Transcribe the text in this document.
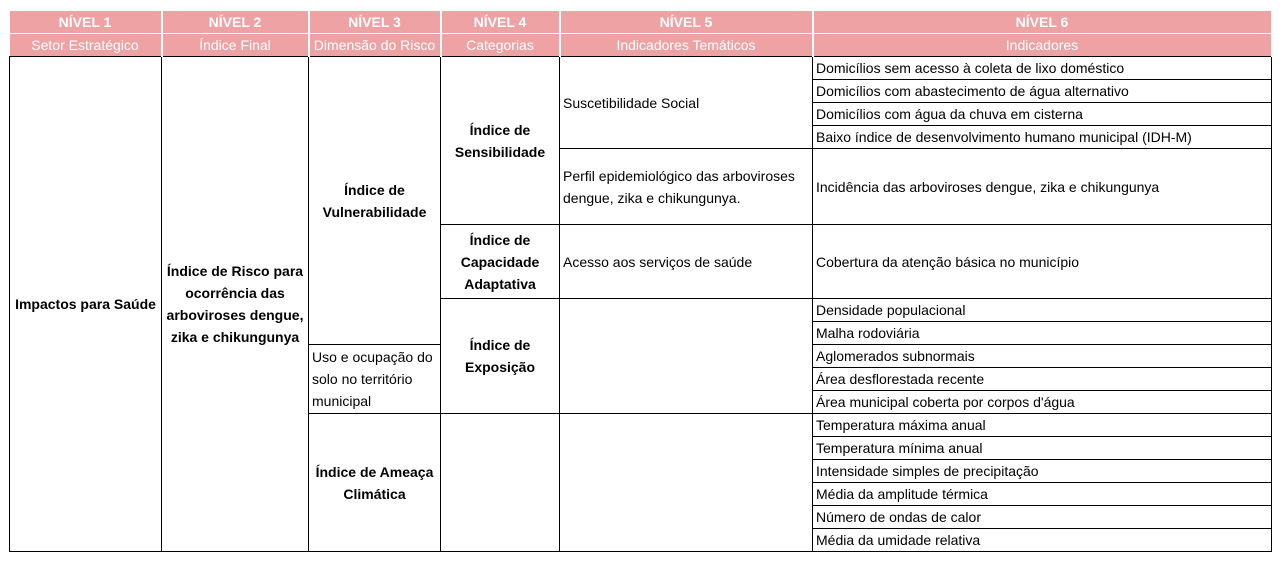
NÍVEL 1	NÍVEL 2	NÍVEL 3	NÍVEL 4	NÍVEL 5	NÍVEL 6	
Setor Estratégico	Índice Final	Dimensão do Risco	Categorias	Indicadores Temáticos	Indicadores	
Impactos para Saúde	Índice de Risco para ocorrência das arboviroses dengue, zika e chikungunya	Índice de Vulnerabilidade	Índice de Sensibilidade	Suscetibilidade Social	Domicílios sem acesso à coleta de lixo doméstico	
					Domicílios com abastecimento de água alternativo	
					Domicílios com água da chuva em cisterna	
					Baixo índice de desenvolvimento humano municipal (IDH-M)	
				Perfil epidemiológico das arboviroses dengue, zika e chikungunya.	Incidência das arboviroses dengue, zika e chikungunya	
			Índice de Capacidade Adaptativa	Acesso aos serviços de saúde	Cobertura da atenção básica no município	
			Índice de Exposição		Densidade populacional	
					Malha rodoviária	
		Uso e ocupação do solo no território municipal			Aglomerados subnormais	
					Área desflorestada recente	
					Área municipal coberta por corpos d'água	
		Índice de Ameaça Climática			Temperatura máxima anual	
					Temperatura mínima anual	
					Intensidade simples de precipitação	
					Média da amplitude térmica	
					Número de ondas de calor	
					Média da umidade relativa	
